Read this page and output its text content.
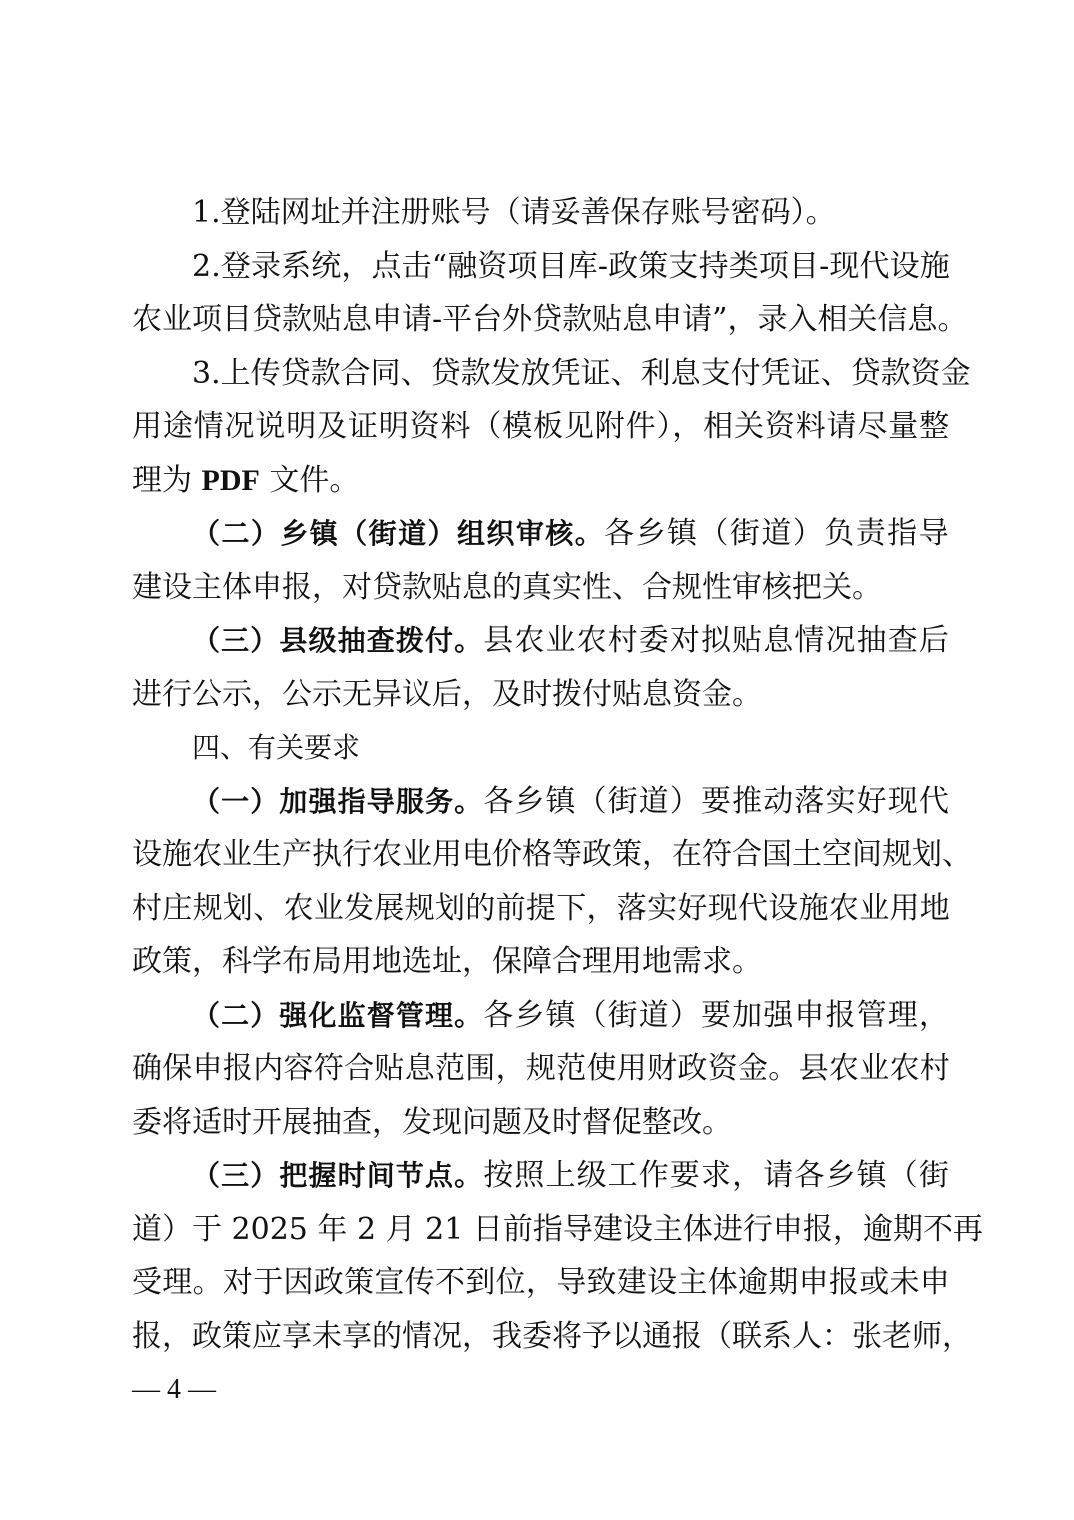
1.登陆网址并注册账号（请妥善保存账号密码）。
2.登录系统，点击“融资项目库-政策支持类项目-现代设施
农业项目贷款贴息申请-平台外贷款贴息申请”，录入相关信息。
3.上传贷款合同、贷款发放凭证、利息支付凭证、贷款资金
用途情况说明及证明资料（模板见附件），相关资料请尽量整
理为 PDF 文件。
（二）乡镇（街道）组织审核。各乡镇（街道）负责指导
建设主体申报，对贷款贴息的真实性、合规性审核把关。
（三）县级抽查拨付。县农业农村委对拟贴息情况抽查后
进行公示，公示无异议后，及时拨付贴息资金。
四、有关要求
（一）加强指导服务。各乡镇（街道）要推动落实好现代
设施农业生产执行农业用电价格等政策，在符合国土空间规划、
村庄规划、农业发展规划的前提下，落实好现代设施农业用地
政策，科学布局用地选址，保障合理用地需求。
（二）强化监督管理。各乡镇（街道）要加强申报管理，
确保申报内容符合贴息范围，规范使用财政资金。县农业农村
委将适时开展抽查，发现问题及时督促整改。
（三）把握时间节点。按照上级工作要求，请各乡镇（街
道）于 2025 年 2 月 21 日前指导建设主体进行申报，逾期不再
受理。对于因政策宣传不到位，导致建设主体逾期申报或未申
报，政策应享未享的情况，我委将予以通报（联系人：张老师，
— 4 —
